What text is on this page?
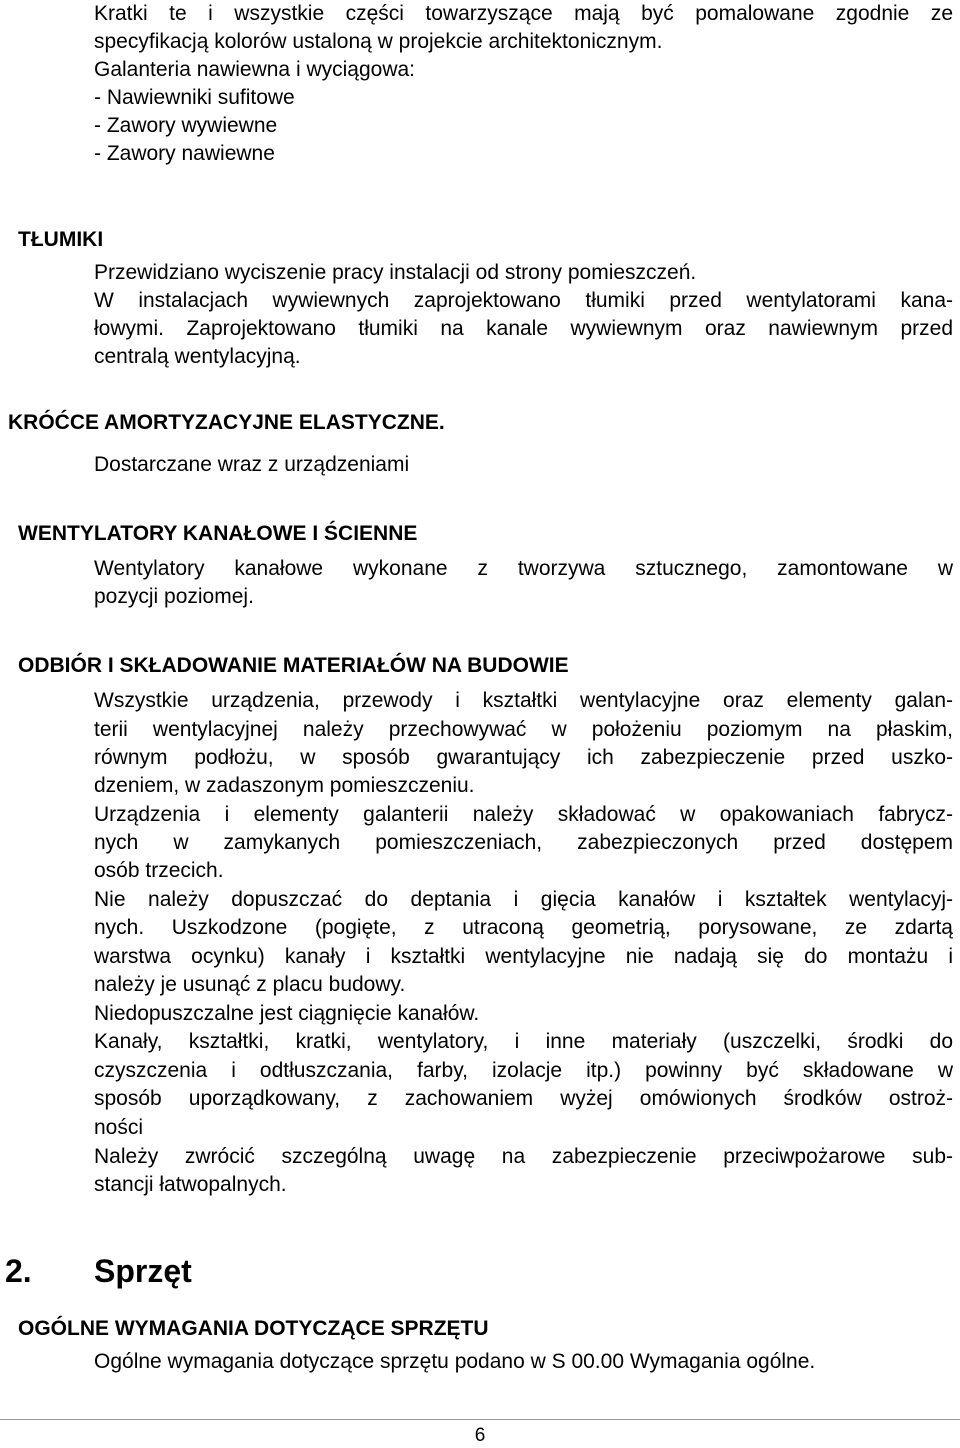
Kratki te i wszystkie części towarzyszące mają być pomalowane zgodnie ze

specyfikacją kolorów ustaloną w projekcie architektonicznym.

Galanteria nawiewna i wyciągowa:

- Nawiewniki sufitowe

- Zawory wywiewne

- Zawory nawiewne

TŁUMIKI

Przewidziano wyciszenie pracy instalacji od strony pomieszczeń.

W instalacjach wywiewnych zaprojektowano tłumiki przed wentylatorami kana-

łowymi. Zaprojektowano tłumiki na kanale wywiewnym oraz nawiewnym przed

centralą wentylacyjną.

KRÓĆCE AMORTYZACYJNE ELASTYCZNE.

Dostarczane wraz z urządzeniami

WENTYLATORY KANAŁOWE I ŚCIENNE

Wentylatory kanałowe wykonane z tworzywa sztucznego, zamontowane w

pozycji poziomej.

ODBIÓR I SKŁADOWANIE MATERIAŁÓW NA BUDOWIE

Wszystkie urządzenia, przewody i kształtki wentylacyjne oraz elementy galan-

terii wentylacyjnej należy przechowywać w położeniu poziomym na płaskim,

równym podłożu, w sposób gwarantujący ich zabezpieczenie przed uszko-

dzeniem, w zadaszonym pomieszczeniu.

Urządzenia i elementy galanterii należy składować w opakowaniach fabrycz-

nych w zamykanych pomieszczeniach, zabezpieczonych przed dostępem

osób trzecich.

Nie należy dopuszczać do deptania i gięcia kanałów i kształtek wentylacyj-

nych. Uszkodzone (pogięte, z utraconą geometrią, porysowane, ze zdartą

warstwa ocynku) kanały i kształtki wentylacyjne nie nadają się do montażu i

należy je usunąć z placu budowy.

Niedopuszczalne jest ciągnięcie kanałów.

Kanały, kształtki, kratki, wentylatory, i inne materiały (uszczelki, środki do

czyszczenia i odtłuszczania, farby, izolacje itp.) powinny być składowane w

sposób uporządkowany, z zachowaniem wyżej omówionych środków ostroż-

ności

Należy zwrócić szczególną uwagę na zabezpieczenie przeciwpożarowe sub-

stancji łatwopalnych.

2. Sprzęt
OGÓLNE WYMAGANIA DOTYCZĄCE SPRZĘTU

Ogólne wymagania dotyczące sprzętu podano w S 00.00 Wymagania ogólne.

6
